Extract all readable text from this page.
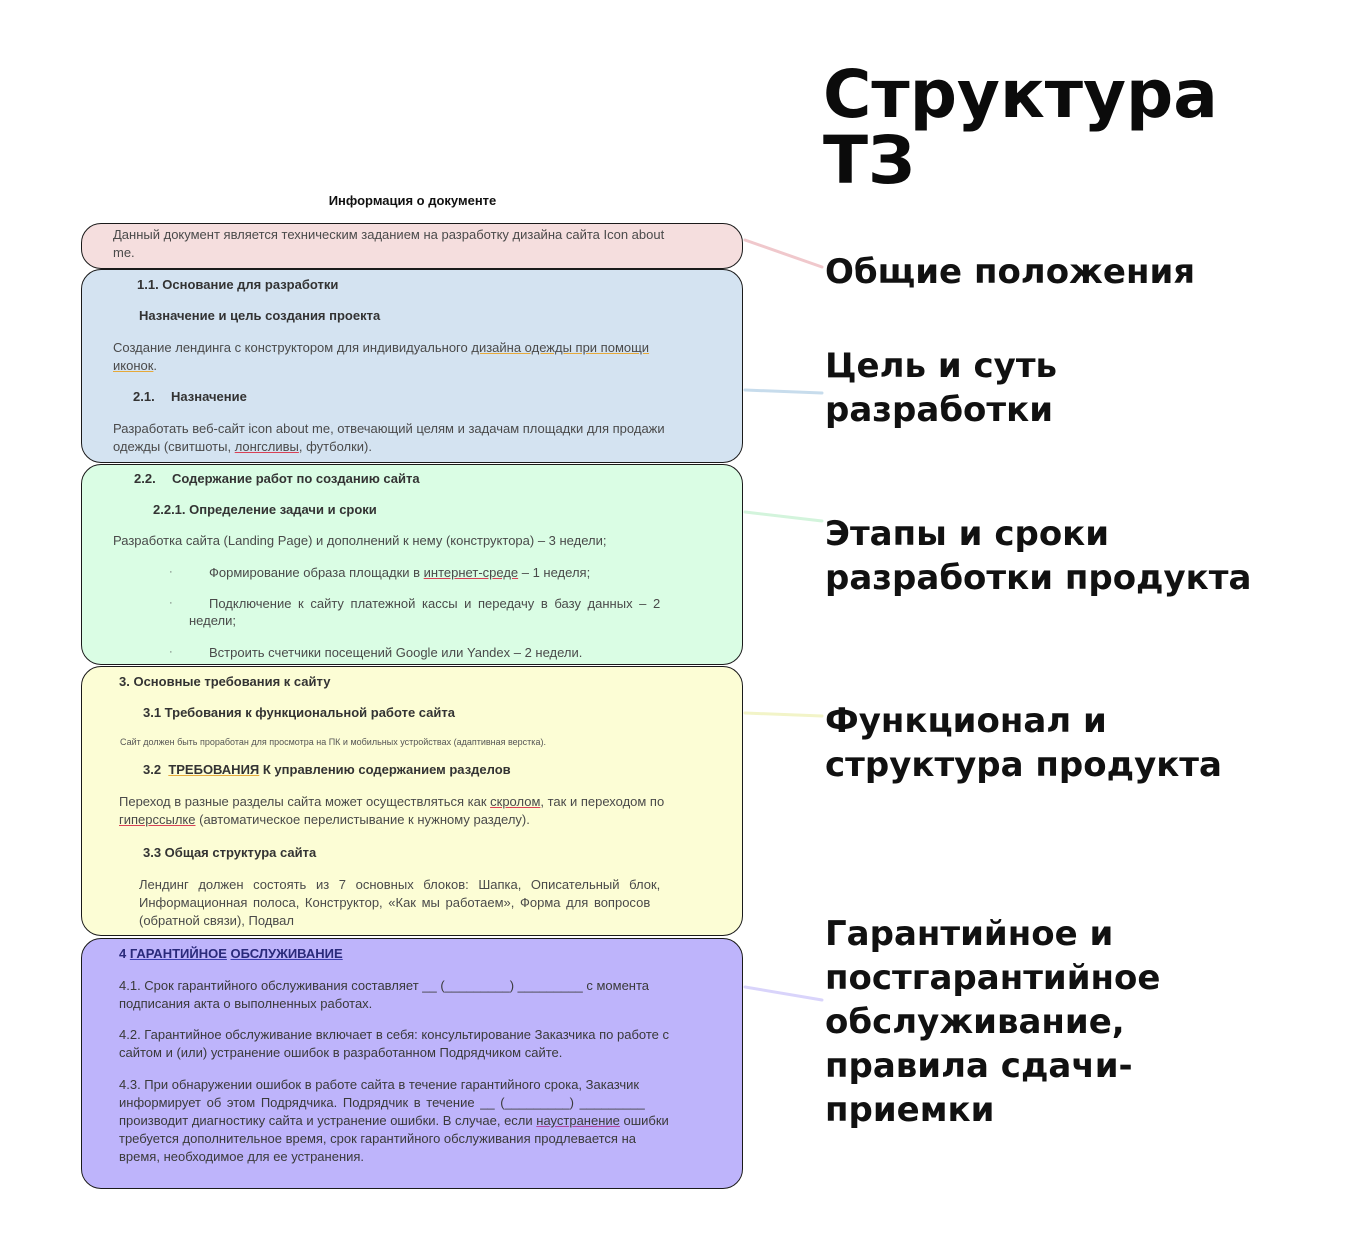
Структура
ТЗ
Общие положения
Цель и суть
разработки
Этапы и сроки
разработки продукта
Функционал и
структура продукта
Гарантийное и
постгарантийное
обслуживание,
правила сдачи-
приемки
Информация о документе
Данный документ является техническим заданием на разработку дизайна сайта Icon about
me.
1.1. Основание для разработки
Назначение и цель создания проекта
Создание лендинга с конструктором для индивидуального дизайна одежды при помощи
иконок.
2.1. Назначение
Разработать веб-сайт icon about me, отвечающий целям и задачам площадки для продажи
одежды (свитшоты, лонгсливы, футболки).
2.2. Содержание работ по созданию сайта
2.2.1. Определение задачи и сроки
Разработка сайта (Landing Page) и дополнений к нему (конструктора) – 3 недели;
·	Формирование образа площадки в интернет-среде – 1 неделя;
·	Подключение к сайту платежной кассы и передачу в базу данных – 2
недели;
·	Встроить счетчики посещений Google или Yandex – 2 недели.
3. Основные требования к сайту
3.1 Требования к функциональной работе сайта
Сайт должен быть проработан для просмотра на ПК и мобильных устройствах (адаптивная верстка).
3.2 ТРЕБОВАНИЯ К управлению содержанием разделов
Переход в разные разделы сайта может осуществляться как скролом, так и переходом по
гиперссылке (автоматическое перелистывание к нужному разделу).
3.3 Общая структура сайта
Лендинг должен состоять из 7 основных блоков: Шапка, Описательный блок,
Информационная полоса, Конструктор, «Как мы работаем», Форма для вопросов
(обратной связи), Подвал
4 ГАРАНТИЙНОЕ ОБСЛУЖИВАНИЕ
4.1. Срок гарантийного обслуживания составляет __ (_________) _________ с момента
подписания акта о выполненных работах.
4.2. Гарантийное обслуживание включает в себя: консультирование Заказчика по работе с
сайтом и (или) устранение ошибок в разработанном Подрядчиком сайте.
4.3. При обнаружении ошибок в работе сайта в течение гарантийного срока, Заказчик
информирует об этом Подрядчика. Подрядчик в течение __ (_________) _________
производит диагностику сайта и устранение ошибки. В случае, если наустранение ошибки
требуется дополнительное время, срок гарантийного обслуживания продлевается на
время, необходимое для ее устранения.
